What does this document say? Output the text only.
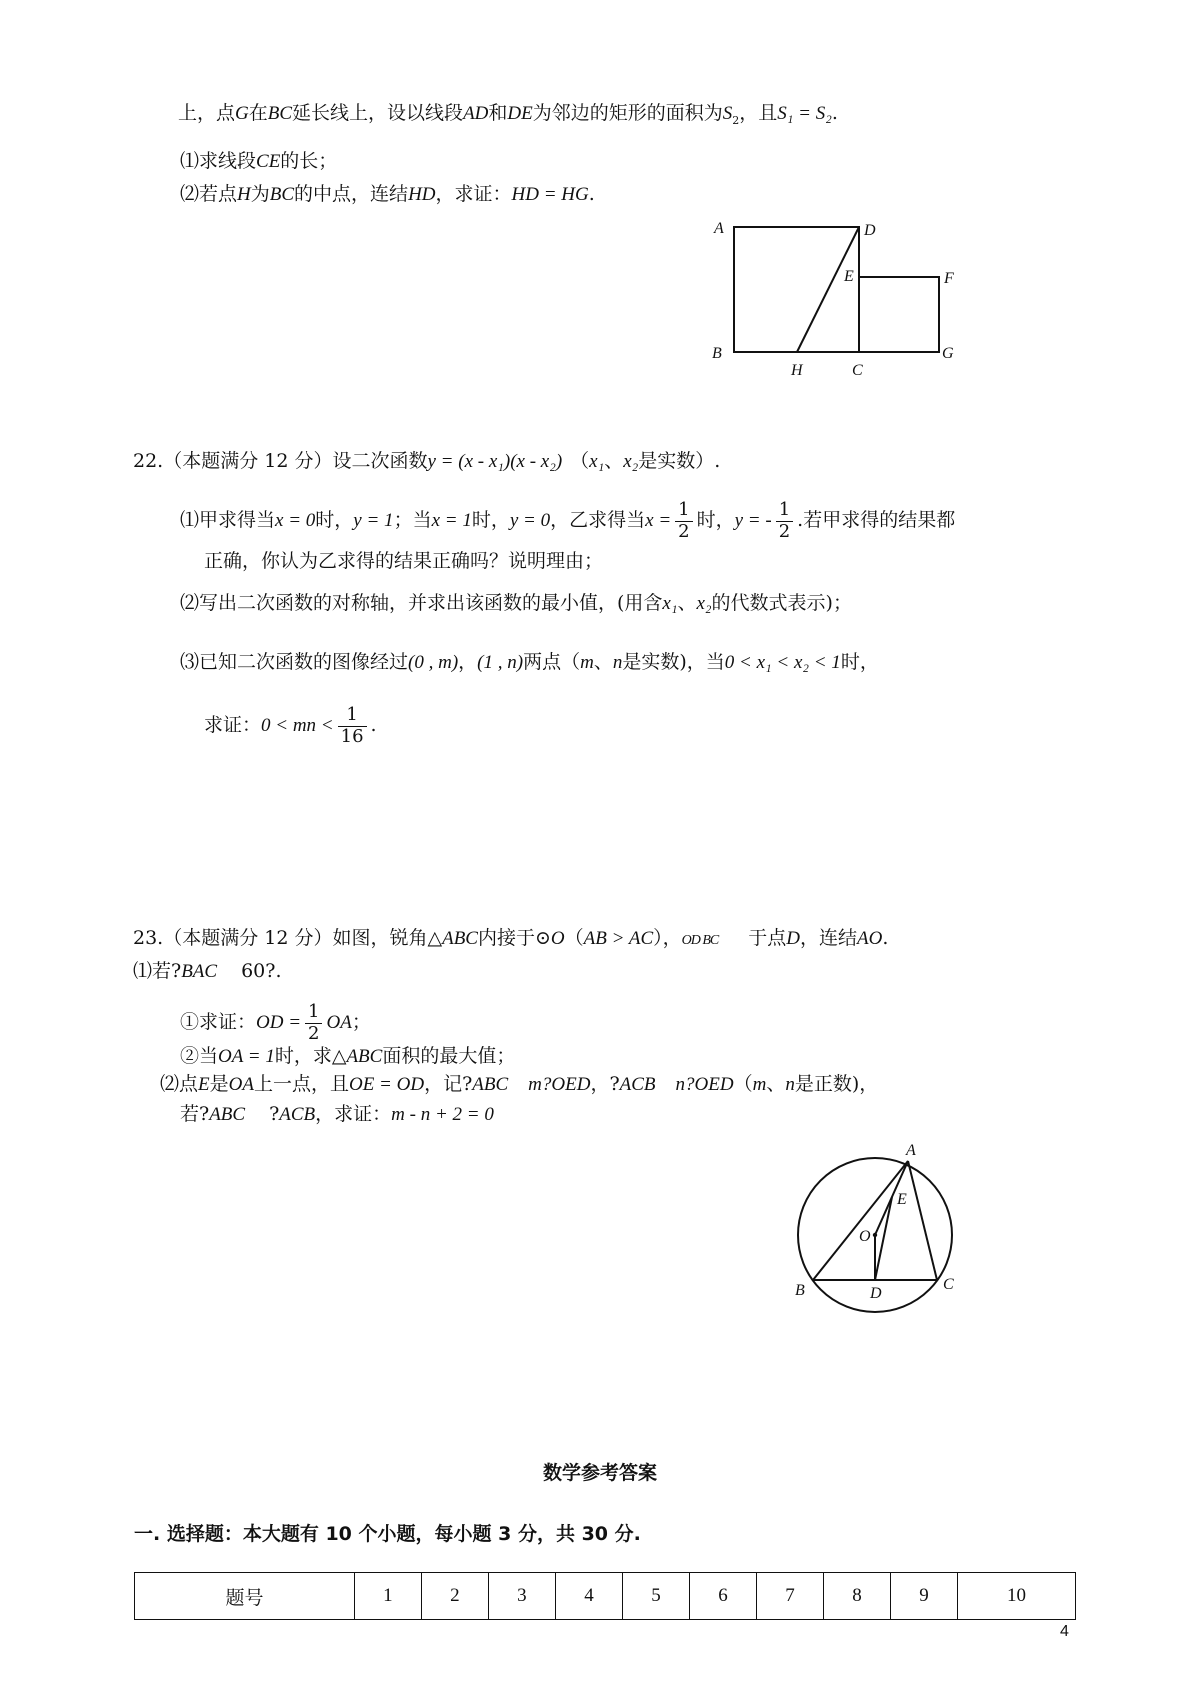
上，点G在BC延长线上，设以线段AD和DE为邻边的矩形的面积为$S_2$，且S₁ = S₂.
⑴求线段CE的长；
⑵若点H为BC的中点，连结HD，求证：HD = HG.
A	D
E	F
B
H	C
G
22.（本题满分 12 分）设二次函数y = (x - x₁)(x - x₂) （x₁、x₂是实数）.
⑴甲求得当x = 0时，y = 1；当x = 1时，y = 0，乙求得当$x = \frac{1}{2}$ 时，y = - $\frac{1}{2}$ .若甲求得的结果都
正确，你认为乙求得的结果正确吗？说明理由；
⑵写出二次函数的对称轴，并求出该函数的最小值，(用含x₁、x₂的代数式表示)；
⑶已知二次函数的图像经过(0 , m)，(1 , n)两点（m、n是实数)，当0 < x₁ < x₂ < 1时，
求证：0 < mn < $\frac{1}{16}$ .
23.（本题满分 12 分）如图，锐角△ABC内接于⊙O（AB > AC），OD BC 于点D，连结AO.
⑴若?BAC 60?.
①求证：OD = $\frac{1}{2}$ OA；
②当OA = 1时，求△ABC面积的最大值；
⑵点E是OA上一点，且OE = OD，记?ABC m?OED，?ACB n?OED（m、n是正数)，
若?ABC ?ACB，求证：m - n + 2 = 0
A
E
O
B	D
C
数学参考答案
一. 选择题：本大题有 10 个小题，每小题 3 分，共 30 分.
题号	1	2	3	4	5	6	7	8	9	10
4
